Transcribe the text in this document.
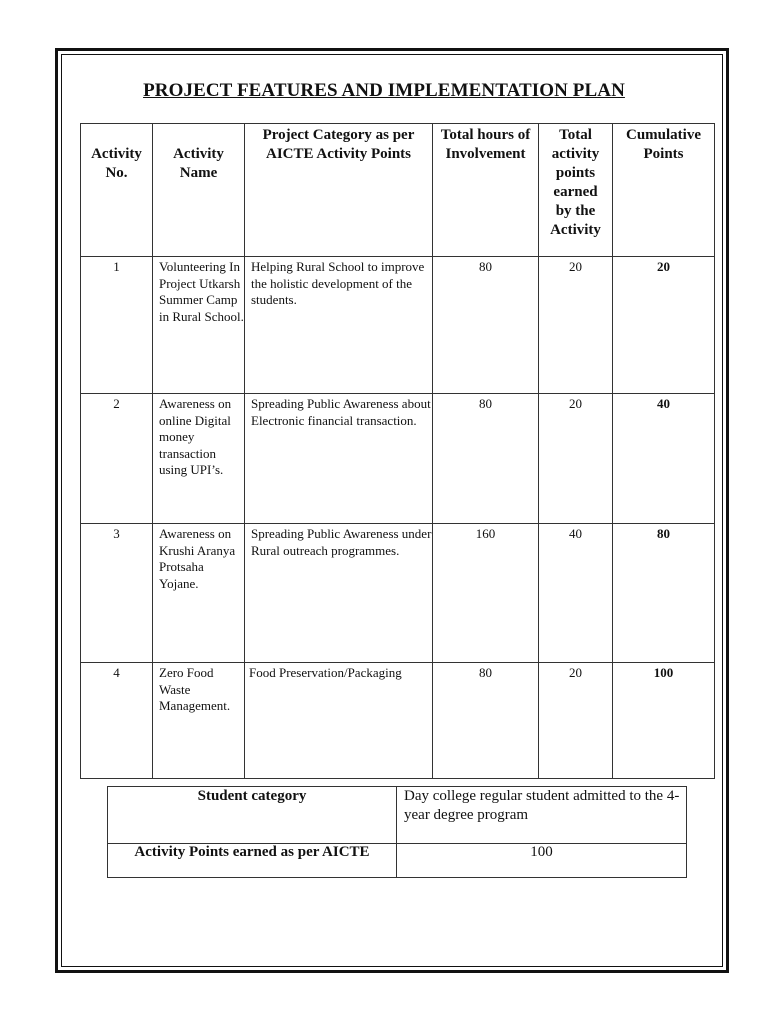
PROJECT FEATURES AND IMPLEMENTATION PLAN
Activity No.	Activity Name	Project Category as per AICTE Activity Points	Total hours of Involvement	Total activity points earned by the Activity	Cumulative Points
1	Volunteering In Project Utkarsh Summer Camp in Rural School.	Helping Rural School to improve the holistic development of the students.	80	20	20
2	Awareness on online Digital money transaction using UPI’s.	Spreading Public Awareness about Electronic financial transaction.	80	20	40
3	Awareness on Krushi Aranya Protsaha Yojane.	Spreading Public Awareness under Rural outreach programmes.	160	40	80
4	Zero Food Waste Management.	Food Preservation/Packaging	80	20	100
Student category	Day college regular student admitted to the 4-year degree program
Activity Points earned as per AICTE	100
